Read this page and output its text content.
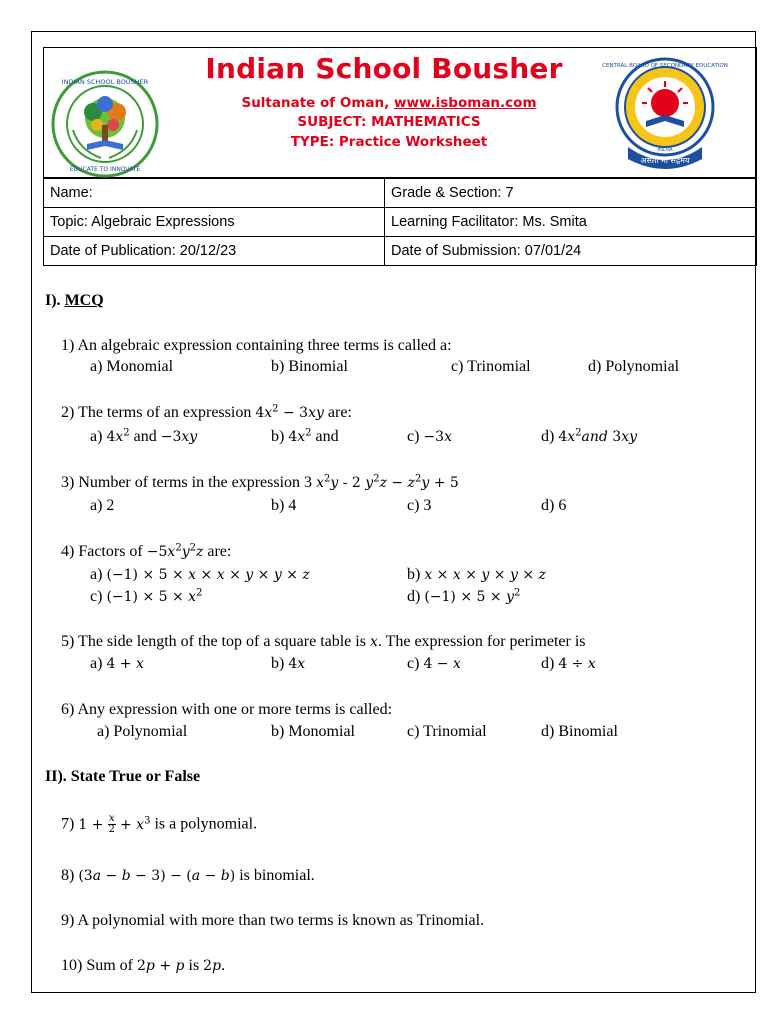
INDIAN SCHOOL BOUSHER
EDUCATE TO INNOVATE
CENTRAL BOARD OF SECONDARY EDUCATION
INDIA
असतो मा सद्गमय
Indian School Bousher
Sultanate of Oman, www.isboman.com
SUBJECT: MATHEMATICS
TYPE: Practice Worksheet
Name:	Grade & Section: 7
Topic: Algebraic Expressions	Learning Facilitator: Ms. Smita
Date of Publication: 20/12/23	Date of Submission: 07/01/24
I). MCQ
1) An algebraic expression containing three terms is called a:
a) Monomial	b) Binomial	c) Trinomial	d) Polynomial
2) The terms of an expression $4x^2 - 3xy$ are:
a) $4x^2$ and −3xy	b) $4x^2$ and	c) −3x	d) $4x^2and$ 3xy
3) Number of terms in the expression 3 $x^2y - 2$ $y^2z - z^2y + 5$
a) 2	b) 4	c) 3	d) 6
4) Factors of $-5x^2y^2z$ are:
a) (−1) × 5 × x × x × y × y × z	b) x × x × y × y × z
c) $(-1) \times 5 \times x^2$	d) $(-1) \times 5 \times y^2$
5) The side length of the top of a square table is x. The expression for perimeter is
a) 4 + x	b) 4x	c) 4 − x	d) 4 ÷ x
6) Any expression with one or more terms is called:
a) Polynomial	b) Monomial	c) Trinomial	d) Binomial
II). State True or False
7) $1 + \frac{x}{2} + x^3$ is a polynomial.
8) (3a − b − 3) − (a − b) is binomial.
9) A polynomial with more than two terms is known as Trinomial.
10) Sum of 2p + p is 2p.
